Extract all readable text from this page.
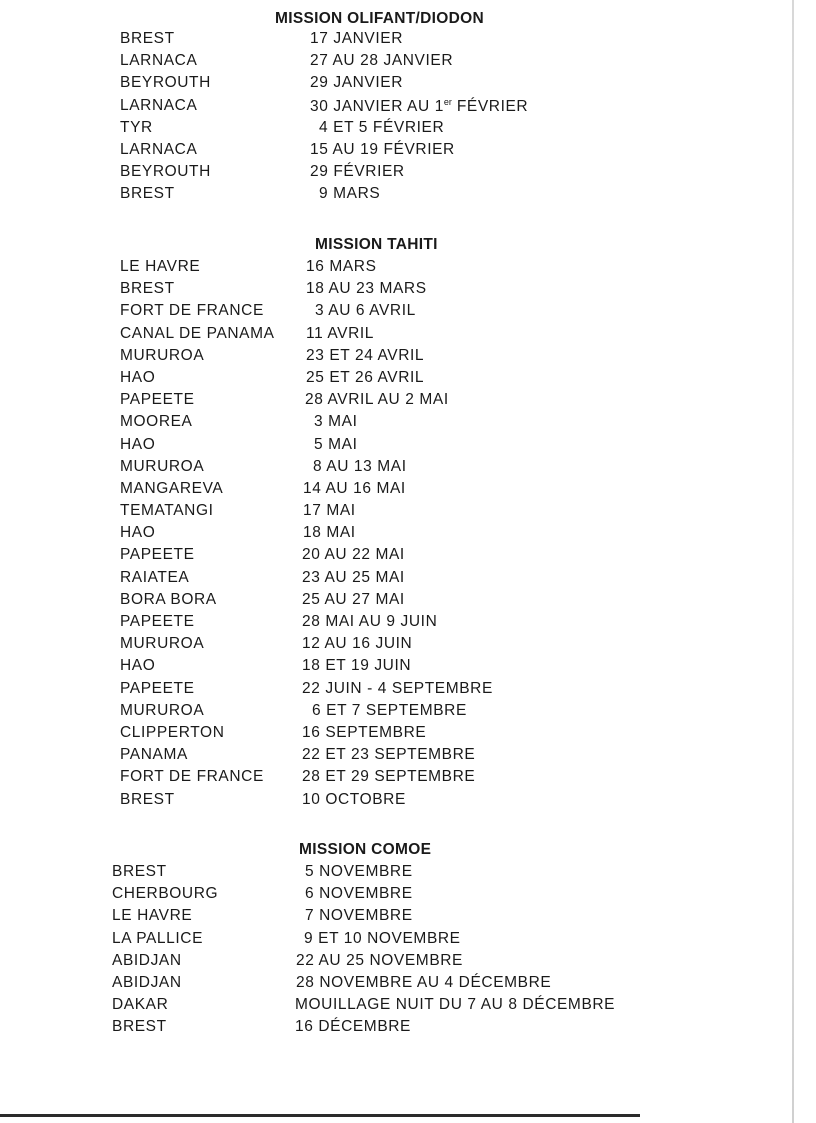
MISSION OLIFANT/DIODON
BREST	17 JANVIER
LARNACA	27 AU 28 JANVIER
BEYROUTH	29 JANVIER
LARNACA	30 JANVIER AU 1er FÉVRIER
TYR	4 ET 5 FÉVRIER
LARNACA	15 AU 19 FÉVRIER
BEYROUTH	29 FÉVRIER
BREST	9 MARS
MISSION TAHITI
LE HAVRE	16 MARS
BREST	18 AU 23 MARS
FORT DE FRANCE	3 AU 6 AVRIL
CANAL DE PANAMA 11 AVRIL
MURUROA	23 ET 24 AVRIL
HAO	25 ET 26 AVRIL
PAPEETE	28 AVRIL AU 2 MAI
MOOREA	3 MAI
HAO	5 MAI
MURUROA	8 AU 13 MAI
MANGAREVA	14 AU 16 MAI
TEMATANGI	17 MAI
HAO	18 MAI
PAPEETE	20 AU 22 MAI
RAIATEA	23 AU 25 MAI
BORA BORA	25 AU 27 MAI
PAPEETE	28 MAI AU 9 JUIN
MURUROA	12 AU 16 JUIN
HAO	18 ET 19 JUIN
PAPEETE	22 JUIN - 4 SEPTEMBRE
MURUROA	6 ET 7 SEPTEMBRE
CLIPPERTON	16 SEPTEMBRE
PANAMA	22 ET 23 SEPTEMBRE
FORT DE FRANCE 28 ET 29 SEPTEMBRE
BREST	10 OCTOBRE
MISSION COMOE
BREST	5 NOVEMBRE
CHERBOURG	6 NOVEMBRE
LE HAVRE	7 NOVEMBRE
LA PALLICE	9 ET 10 NOVEMBRE
ABIDJAN	22 AU 25 NOVEMBRE
ABIDJAN	28 NOVEMBRE AU 4 DÉCEMBRE
DAKAR	MOUILLAGE NUIT DU 7 AU 8 DÉCEMBRE
BREST	16 DÉCEMBRE
